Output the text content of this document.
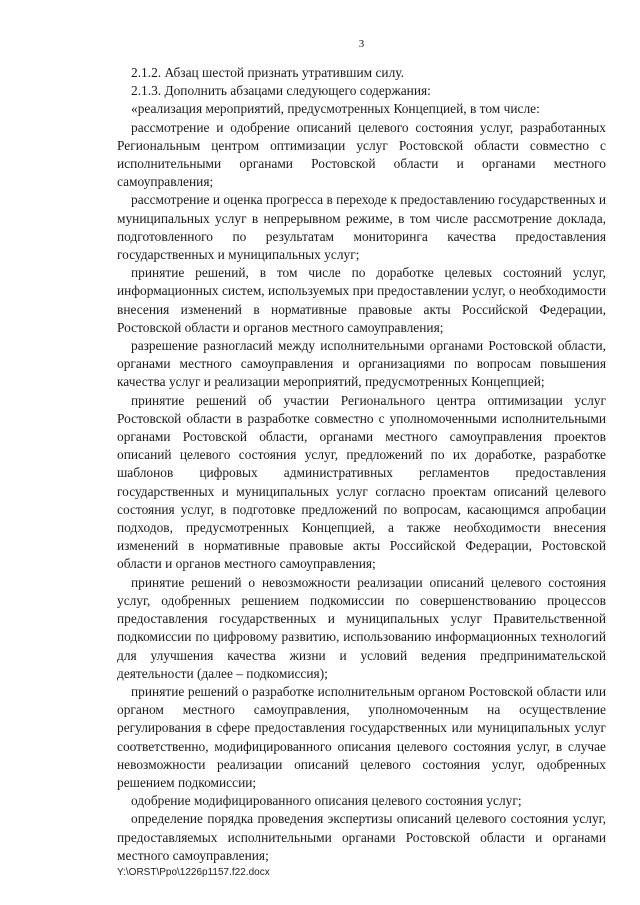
3

2.1.2. Абзац шестой признать утратившим силу.

2.1.3. Дополнить абзацами следующего содержания:

«реализация мероприятий, предусмотренных Концепцией, в том числе:

рассмотрение и одобрение описаний целевого состояния услуг, разработанных Региональным центром оптимизации услуг Ростовской области совместно с исполнительными органами Ростовской области и органами местного самоуправления;

рассмотрение и оценка прогресса в переходе к предоставлению государственных и муниципальных услуг в непрерывном режиме, в том числе рассмотрение доклада, подготовленного по результатам мониторинга качества предоставления государственных и муниципальных услуг;

принятие решений, в том числе по доработке целевых состояний услуг, информационных систем, используемых при предоставлении услуг, о необходимости внесения изменений в нормативные правовые акты Российской Федерации, Ростовской области и органов местного самоуправления;

разрешение разногласий между исполнительными органами Ростовской области, органами местного самоуправления и организациями по вопросам повышения качества услуг и реализации мероприятий, предусмотренных Концепцией;

принятие решений об участии Регионального центра оптимизации услуг Ростовской области в разработке совместно с уполномоченными исполнительными органами Ростовской области, органами местного самоуправления проектов описаний целевого состояния услуг, предложений по их доработке, разработке шаблонов цифровых административных регламентов предоставления государственных и муниципальных услуг согласно проектам описаний целевого состояния услуг, в подготовке предложений по вопросам, касающимся апробации подходов, предусмотренных Концепцией, а также необходимости внесения изменений в нормативные правовые акты Российской Федерации, Ростовской области и органов местного самоуправления;

принятие решений о невозможности реализации описаний целевого состояния услуг, одобренных решением подкомиссии по совершенствованию процессов предоставления государственных и муниципальных услуг Правительственной подкомиссии по цифровому развитию, использованию информационных технологий для улучшения качества жизни и условий ведения предпринимательской деятельности (далее – подкомиссия);

принятие решений о разработке исполнительным органом Ростовской области или органом местного самоуправления, уполномоченным на осуществление регулирования в сфере предоставления государственных или муниципальных услуг соответственно, модифицированного описания целевого состояния услуг, в случае невозможности реализации описаний целевого состояния услуг, одобренных решением подкомиссии;

одобрение модифицированного описания целевого состояния услуг;

определение порядка проведения экспертизы описаний целевого состояния услуг, предоставляемых исполнительными органами Ростовской области и органами местного самоуправления;

Y:\ORST\Ppo\1226p1157.f22.docx
